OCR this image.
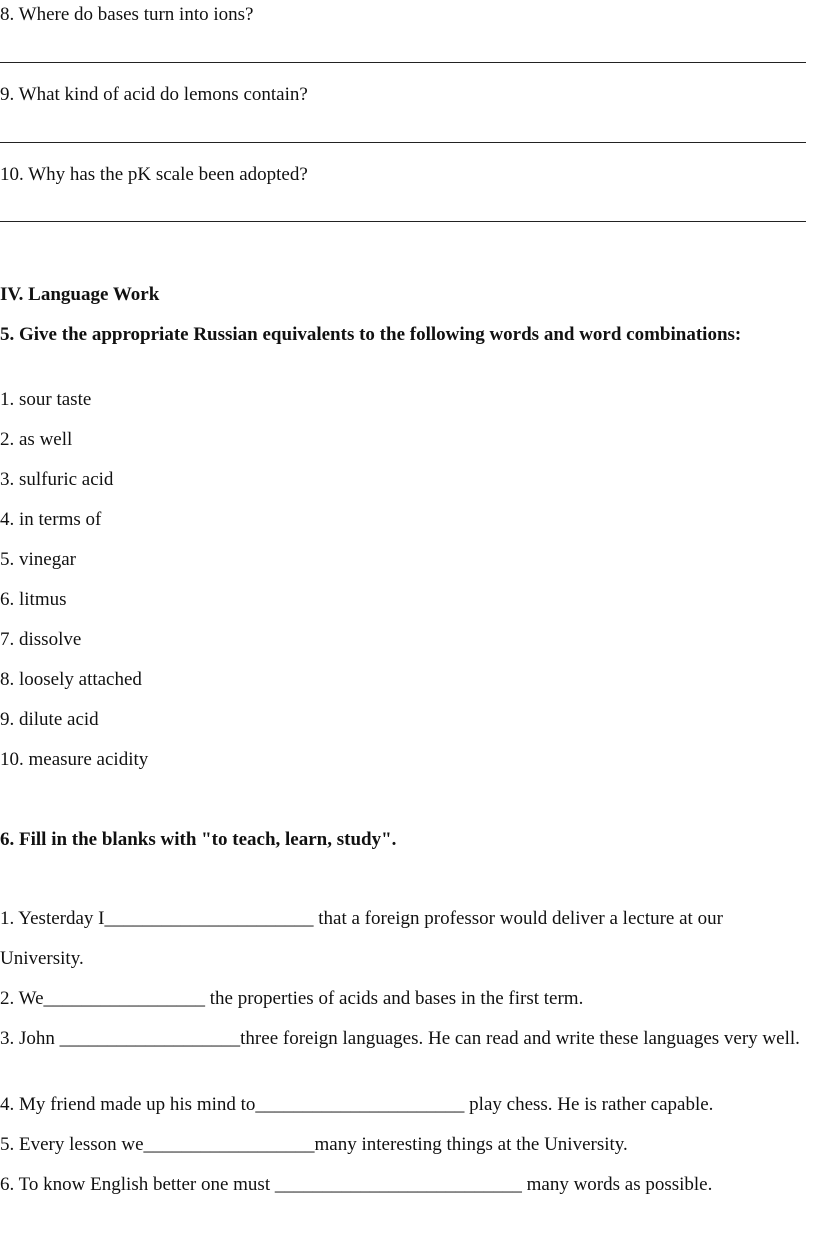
8. Where do bases turn into ions?
9. What kind of acid do lemons contain?
10. Why has the pK scale been adopted?
IV. Language Work
5. Give the appropriate Russian equivalents to the following words and word combinations:
1. sour taste
2. as well
3. sulfuric acid
4. in terms of
5. vinegar
6. litmus
7. dissolve
8. loosely attached
9. dilute acid
10. measure acidity
6. Fill in the blanks with "to teach, learn, study".
1. Yesterday I______________________ that a foreign professor would deliver a lecture at our
University.
2. We_________________ the properties of acids and bases in the first term.
3. John ___________________three foreign languages. He can read and write these languages very well.
4. My friend made up his mind to______________________ play chess. He is rather capable.
5. Every lesson we__________________many interesting things at the University.
6. To know English better one must __________________________ many words as possible.
